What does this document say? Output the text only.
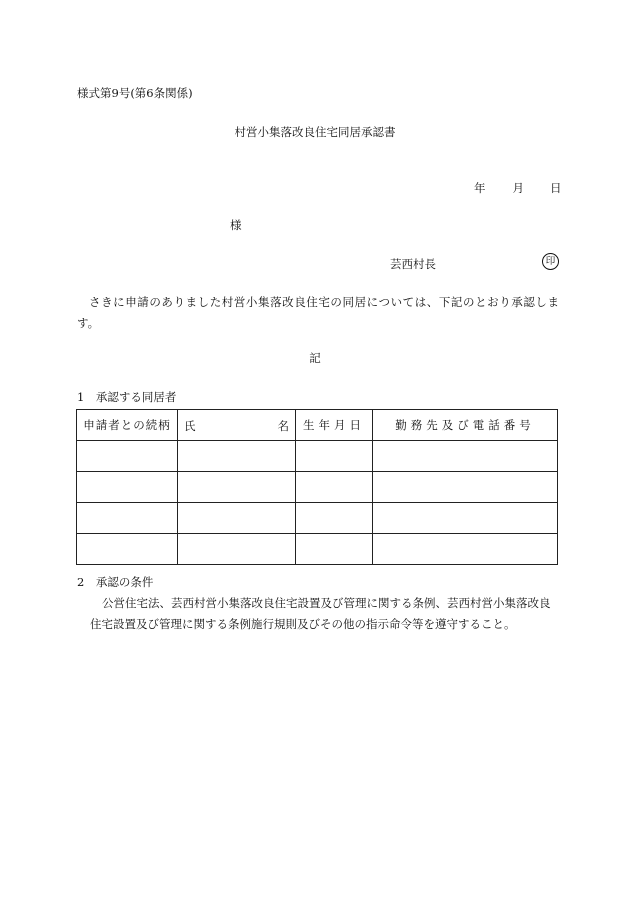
様式第9号(第6条関係)
村営小集落改良住宅同居承認書
年 月 日
様
芸西村長	印
さきに申請のありました村営小集落改良住宅の同居については、下記のとおり承認します。
記
1　承認する同居者
申請者との続柄	氏 名	生年月日	勤務先及び電話番号

2　承認の条件
公営住宅法、芸西村営小集落改良住宅設置及び管理に関する条例、芸西村営小集落改良住宅設置及び管理に関する条例施行規則及びその他の指示命令等を遵守すること。
